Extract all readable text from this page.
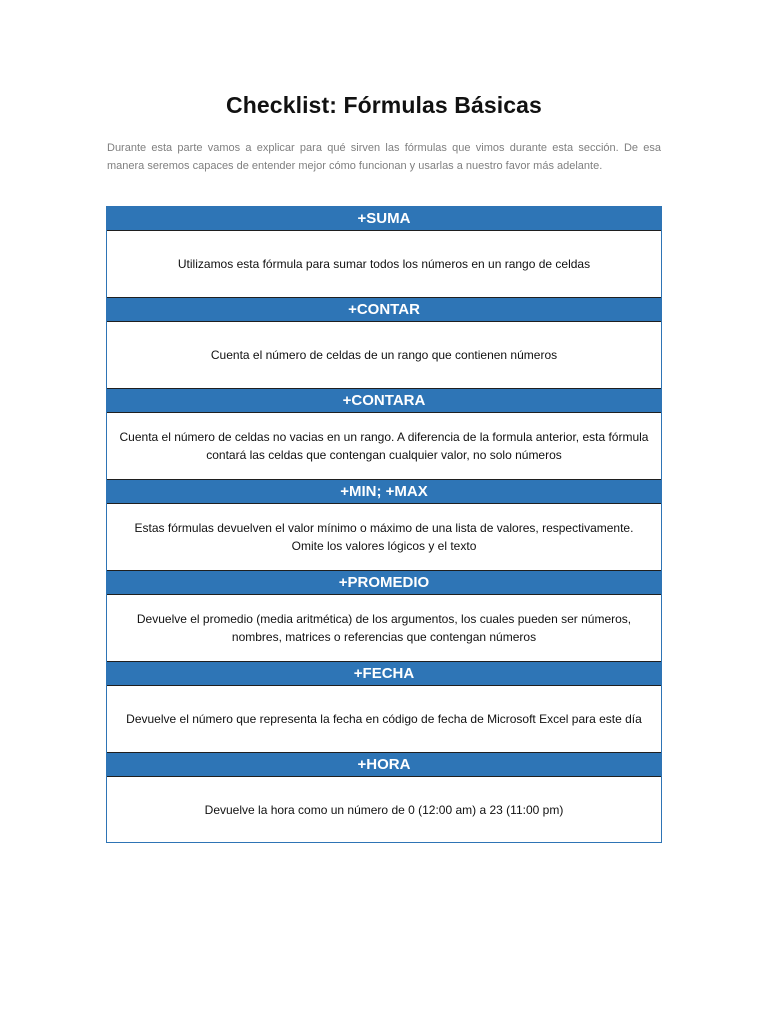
Checklist: Fórmulas Básicas
Durante esta parte vamos a explicar para qué sirven las fórmulas que vimos durante esta sección. De esa manera seremos capaces de entender mejor cómo funcionan y usarlas a nuestro favor más adelante.
+SUMA
Utilizamos esta fórmula para sumar todos los números en un rango de celdas
+CONTAR
Cuenta el número de celdas de un rango que contienen números
+CONTARA
Cuenta el número de celdas no vacias en un rango. A diferencia de la formula anterior, esta fórmula contará las celdas que contengan cualquier valor, no solo números
+MIN; +MAX
Estas fórmulas devuelven el valor mínimo o máximo de una lista de valores, respectivamente. Omite los valores lógicos y el texto
+PROMEDIO
Devuelve el promedio (media aritmética) de los argumentos, los cuales pueden ser números, nombres, matrices o referencias que contengan números
+FECHA
Devuelve el número que representa la fecha en código de fecha de Microsoft Excel para este día
+HORA
Devuelve la hora como un número de 0 (12:00 am) a 23 (11:00 pm)
